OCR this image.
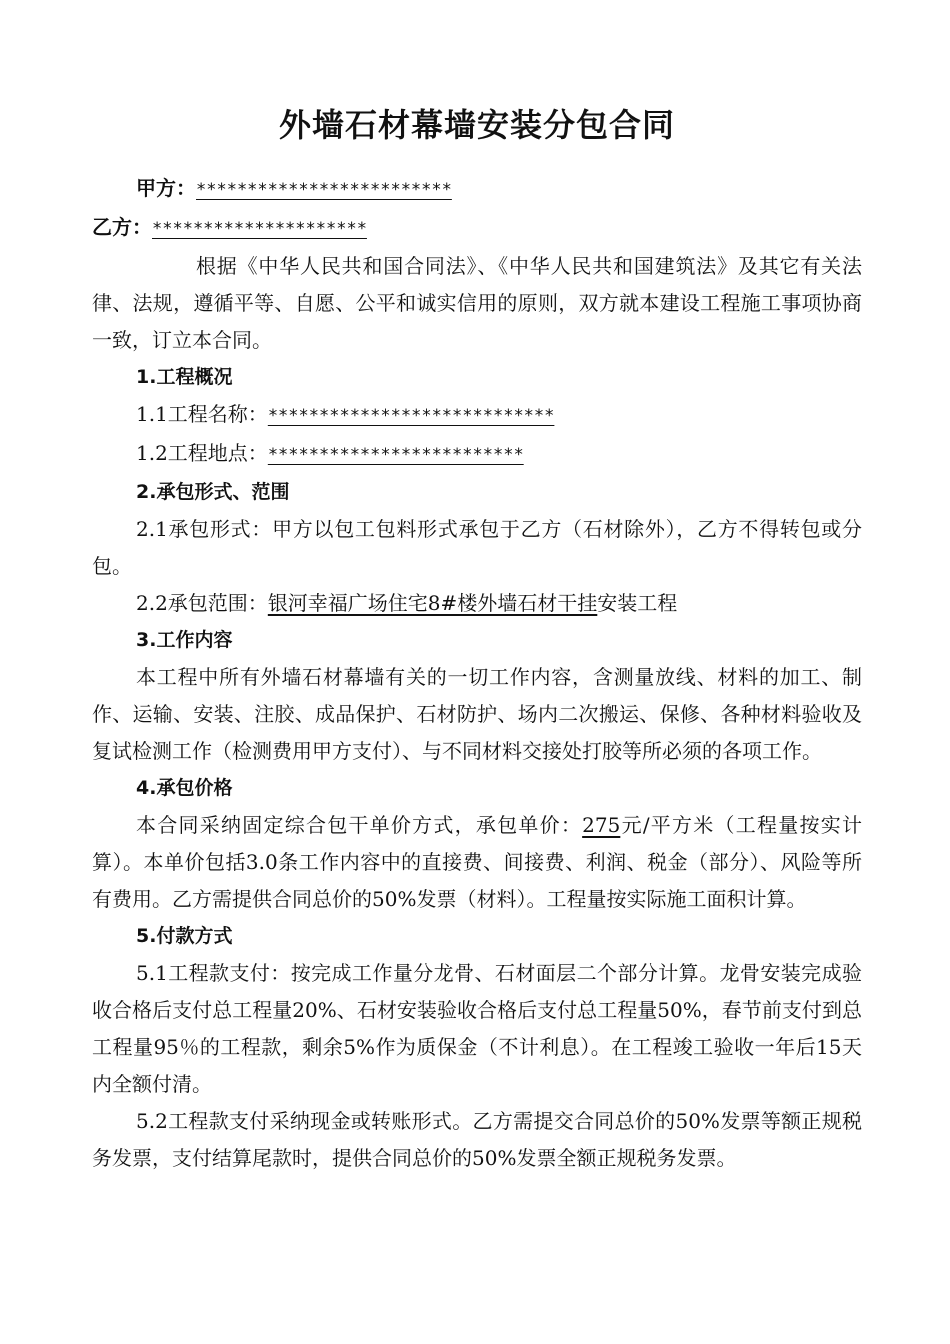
外墙石材幕墙安装分包合同

甲方：*************************

乙方：*********************

根据《中华人民共和国合同法》、《中华人民共和国建筑法》及其它有关法律、法规，遵循平等、自愿、公平和诚实信用的原则，双方就本建设工程施工事项协商一致，订立本合同。

1.工程概况

1.1工程名称：****************************

1.2工程地点：*************************

2.承包形式、范围

2.1承包形式：甲方以包工包料形式承包于乙方（石材除外），乙方不得转包或分包。

2.2承包范围：银河幸福广场住宅8#楼外墙石材干挂安装工程

3.工作内容

本工程中所有外墙石材幕墙有关的一切工作内容，含测量放线、材料的加工、制作、运输、安装、注胶、成品保护、石材防护、场内二次搬运、保修、各种材料验收及复试检测工作（检测费用甲方支付）、与不同材料交接处打胶等所必须的各项工作。

4.承包价格

本合同采纳固定综合包干单价方式，承包单价：275元/平方米（工程量按实计算）。本单价包括3.0条工作内容中的直接费、间接费、利润、税金（部分）、风险等所有费用。乙方需提供合同总价的50%发票（材料）。工程量按实际施工面积计算。

5.付款方式

5.1工程款支付：按完成工作量分龙骨、石材面层二个部分计算。龙骨安装完成验收合格后支付总工程量20%、石材安装验收合格后支付总工程量50%，春节前支付到总工程量95％的工程款，剩余5%作为质保金（不计利息）。在工程竣工验收一年后15天内全额付清。

5.2工程款支付采纳现金或转账形式。乙方需提交合同总价的50%发票等额正规税务发票，支付结算尾款时，提供合同总价的50%发票全额正规税务发票。
